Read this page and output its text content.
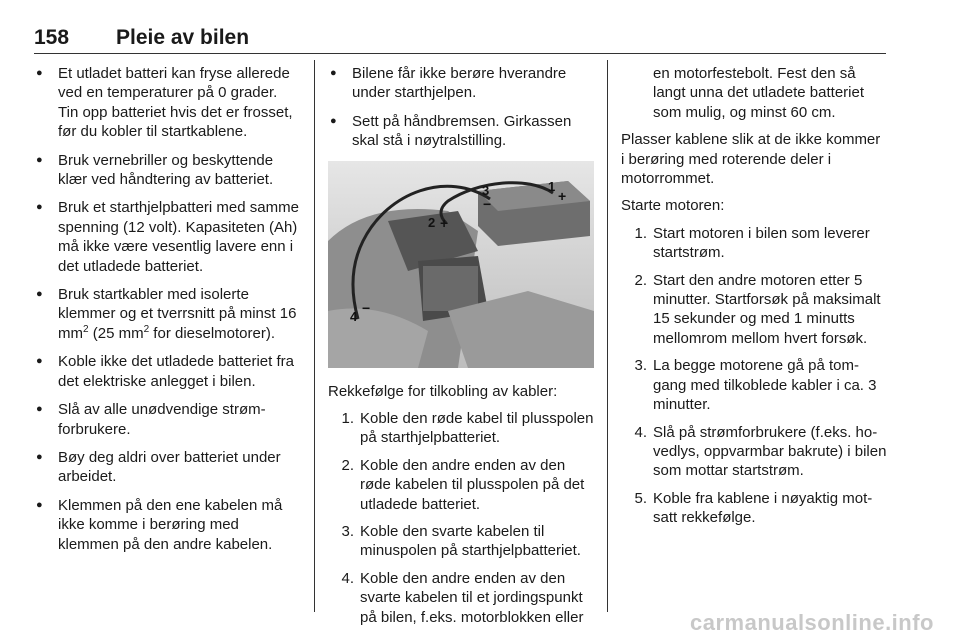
158 Pleie av bilen
● Et utladet batteri kan fryse allerede ved en temperaturer på 0 grader. Tin opp batteriet hvis det er frosset, før du kobler til startkablene.
● Bruk vernebriller og beskyttende klær ved håndtering av batteriet.
● Bruk et starthjelpbatteri med samme spenning (12 volt). Kapasiteten (Ah) må ikke være vesentlig lavere enn i det utladede batteriet.
● Bruk startkabler med isolerte klemmer og et tverrsnitt på minst 16 $mm^2$ (25 $mm^2$ for dieselmotorer).
● Koble ikke det utladede batteriet fra det elektriske anlegget i bilen.
● Slå av alle unødvendige strømforbrukere.
● Bøy deg aldri over batteriet under arbeidet.
● Klemmen på den ene kabelen må ikke komme i berøring med klemmen på den andre kabelen.
● Bilene får ikke berøre hverandre under starthjelpen.
● Sett på håndbremsen. Girkassen skal stå i nøytralstilling.
1
+
2 +
3
−
4
−
Rekkefølge for tilkobling av kabler:
1. Koble den røde kabel til plusspolen på starthjelpbatteriet.
2. Koble den andre enden av den røde kabelen til plusspolen på det utladede batteriet.
3. Koble den svarte kabelen til minuspolen på starthjelpbatteriet.
4. Koble den andre enden av den svarte kabelen til et jordingspunkt på bilen, f.eks. motorblokken eller
en motorfestebolt. Fest den så langt unna det utladete batteriet som mulig, og minst 60 cm.
Plasser kablene slik at de ikke kommer i berøring med roterende deler i motorrommet.
Starte motoren:
1. Start motoren i bilen som leverer startstrøm.
2. Start den andre motoren etter 5 minutter. Startforsøk på maksimalt 15 sekunder og med 1 minutts mellomrom mellom hvert forsøk.
3. La begge motorene gå på tomgang med tilkoblede kabler i ca. 3 minutter.
4. Slå på strømforbrukere (f.eks. hovedlys, oppvarmbar bakrute) i bilen som mottar startstrøm.
5. Koble fra kablene i nøyaktig motsatt rekkefølge.
carmanualsonline.info
